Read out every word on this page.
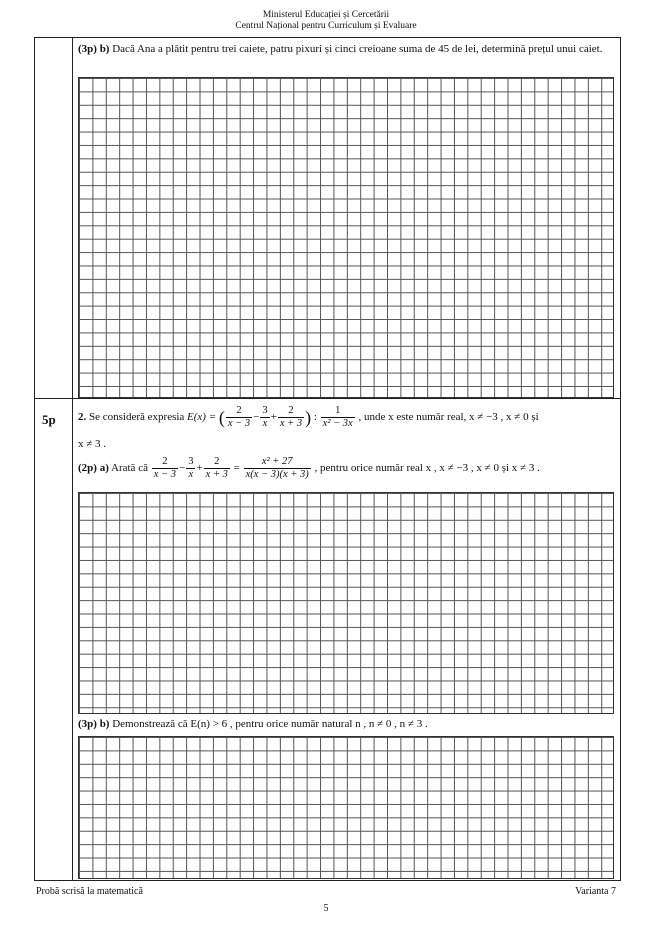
Ministerul Educației și Cercetării
Centrul Național pentru Curriculum și Evaluare
(3p) b) Dacă Ana a plătit pentru trei caiete, patru pixuri și cinci creioane suma de 45 de lei, determină prețul unui caiet.
5p 2. Se consideră expresia E(x) = ( $\frac{2}{x - 3} - \frac{3}{x} + \frac{2}{x + 3}$ ) : $\frac{1}{\text{x² − 3x}}$ , unde x este număr real, x ≠ −3 , x ≠ 0 și
x ≠ 3 .
(2p) a) Arată că $\frac{2}{x - 3} - \frac{3}{x} + \frac{2}{x + 3} = \frac{\text{x² + 27}}{x(x - 3)(x + 3)}$ , pentru orice număr real x , x ≠ −3 , x ≠ 0 și x ≠ 3 .
(3p) b) Demonstrează că E(n) > 6 , pentru orice număr natural n , n ≠ 0 , n ≠ 3 .
Probă scrisă la matematică	Varianta 7
5
